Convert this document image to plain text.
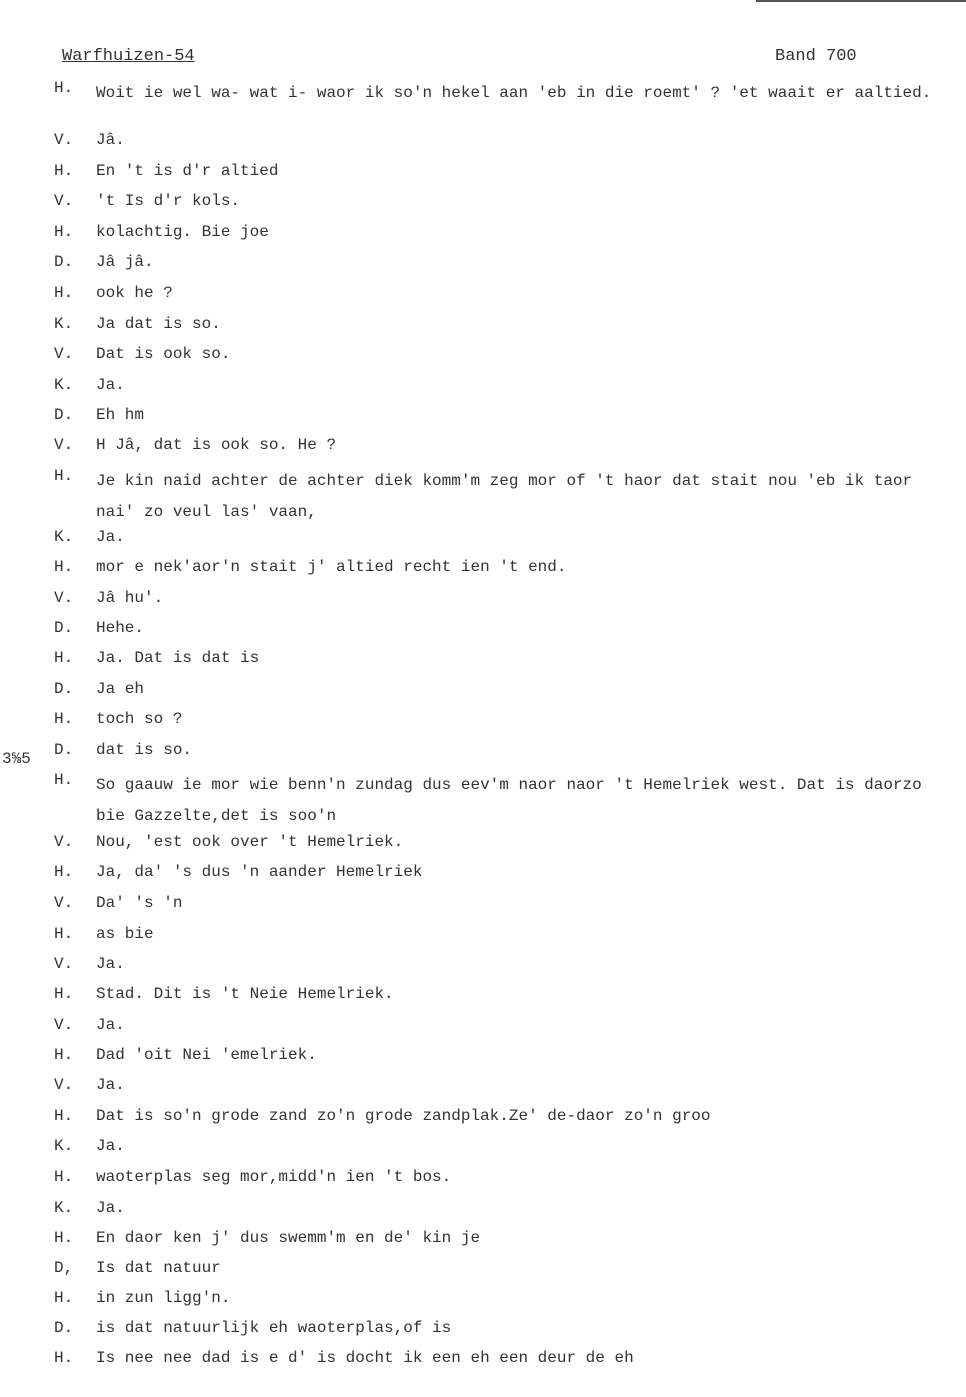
Warfhuizen-54	Band 700
3⅝5
H. Woit ie wel wa- wat i- waor ik so'n hekel aan 'eb in die roemt' ? 'et waait er aaltied.
V. Jâ.
H. En 't is d'r altied
V. 't Is d'r kols.
H. kolachtig. Bie joe
D. Jâ jâ.
H. ook he ?
K. Ja dat is so.
V. Dat is ook so.
K. Ja.
D. Eh hm
V. H Jâ, dat is ook so. He ?
H. Je kin naid achter de achter diek komm'm zeg mor of 't haor dat stait nou 'eb ik taor nai' zo veul las' vaan,
K. Ja.
H. mor e nek'aor'n stait j' altied recht ien 't end.
V. Jâ hu'.
D. Hehe.
H. Ja. Dat is dat is
D. Ja eh
H. toch so ?
D. dat is so.
H. So gaauw ie mor wie benn'n zundag dus eev'm naor naor 't Hemelriek west. Dat is daorzo bie Gazzelte,det is soo'n
V. Nou, 'est ook over 't Hemelriek.
H. Ja, da' 's dus 'n aander Hemelriek
V. Da' 's 'n
H. as bie
V. Ja.
H. Stad. Dit is 't Neie Hemelriek.
V. Ja.
H. Dad 'oit Nei 'emelriek.
V. Ja.
H. Dat is so'n grode zand zo'n grode zandplak.Ze' de-daor zo'n groo
K. Ja.
H. waoterplas seg mor,midd'n ien 't bos.
K. Ja.
H. En daor ken j' dus swemm'm en de' kin je
D, Is dat natuur
H. in zun ligg'n.
D. is dat natuurlijk eh waoterplas,of is
H. Is nee nee dad is e d' is docht ik een eh een deur de eh
